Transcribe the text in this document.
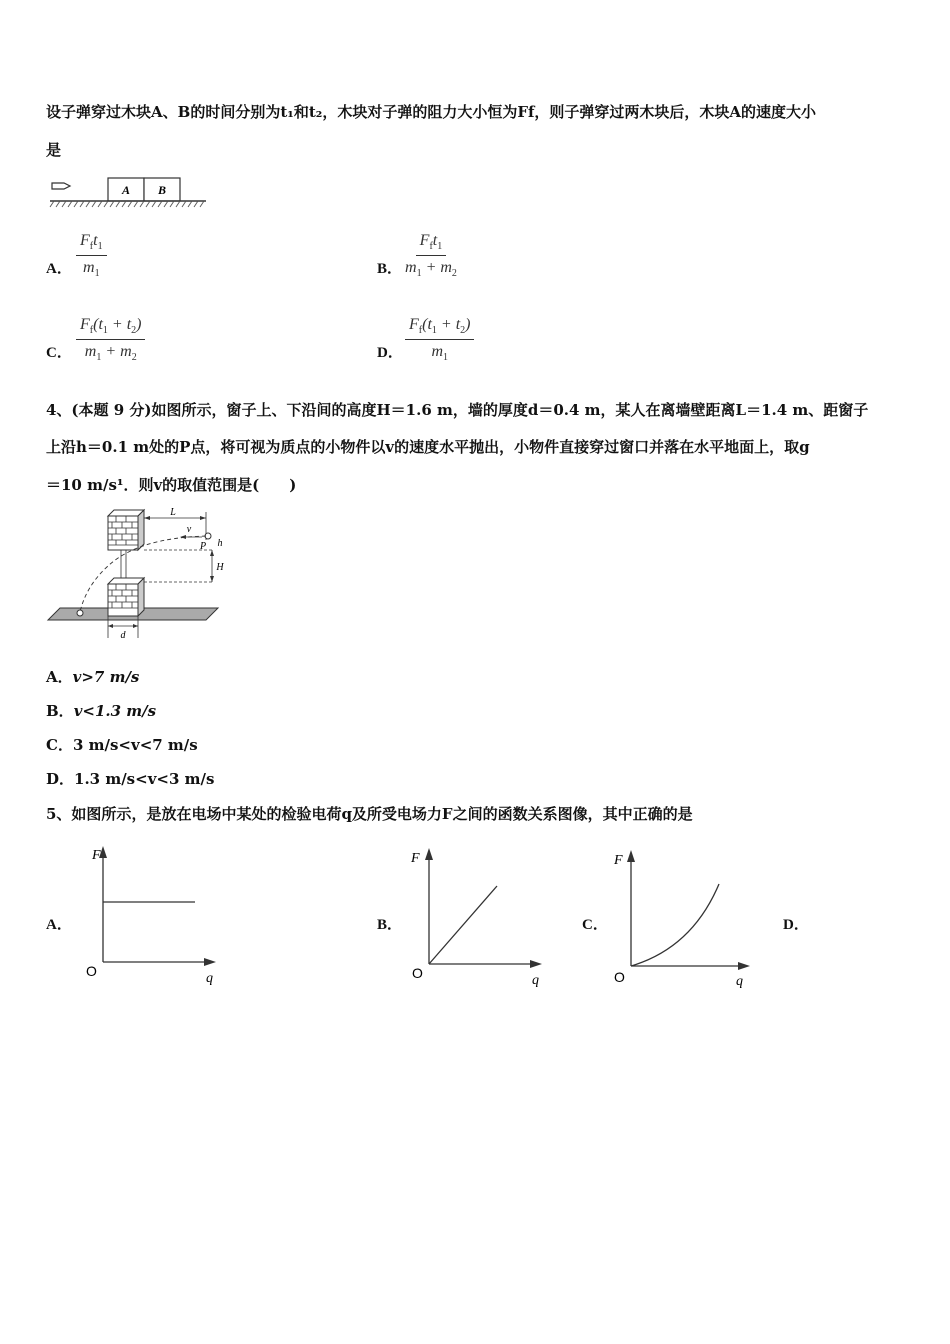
设子弹穿过木块A、B的时间分别为t₁和t₂，木块对子弹的阻力大小恒为Ff，则子弹穿过两木块后，木块A的速度大小
是
A B
A．
$F_ft_1$
$m_1$	B．
$F_ft_1$
$m_1 + m_2$
C． $\frac{F_f(t_1 + t_2)}{m_1 + m_2}$	D． $\frac{F_f(t_1 + t_2)}{m_1}$
4、(本题 9 分)如图所示，窗子上、下沿间的高度H＝1.6 m，墙的厚度d＝0.4 m，某人在离墙壁距离L＝1.4 m、距窗子
上沿h＝0.1 m处的P点，将可视为质点的小物件以v的速度水平抛出，小物件直接穿过窗口并落在水平地面上，取g
＝10 m/s¹．则v的取值范围是(　　)
L
v
P h
H
d
A．v>7 m/s
B．v<1.3 m/s
C．3 m/s<v<7 m/s
D．1.3 m/s<v<3 m/s
5、如图所示，是放在电场中某处的检验电荷q及所受电场力F之间的函数关系图像，其中正确的是
A．
F
O	q
B．
F
O	q
C．
F
O	q
D．
